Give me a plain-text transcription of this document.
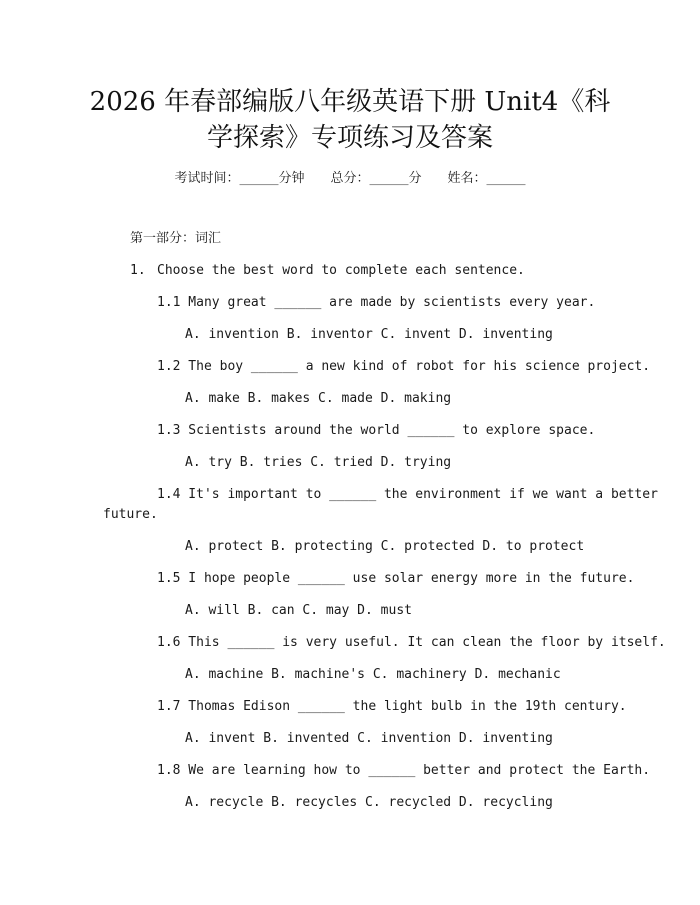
2026 年春部编版八年级英语下册 Unit4《科
学探索》专项练习及答案
考试时间：______分钟 总分：______分 姓名：______
第一部分：词汇
1. Choose the best word to complete each sentence.
1.1 Many great ______ are made by scientists every year.
A. invention B. inventor C. invent D. inventing
1.2 The boy ______ a new kind of robot for his science project.
A. make B. makes C. made D. making
1.3 Scientists around the world ______ to explore space.
A. try B. tries C. tried D. trying
1.4 It's important to ______ the environment if we want a better
future.
A. protect B. protecting C. protected D. to protect
1.5 I hope people ______ use solar energy more in the future.
A. will B. can C. may D. must
1.6 This ______ is very useful. It can clean the floor by itself.
A. machine B. machine's C. machinery D. mechanic
1.7 Thomas Edison ______ the light bulb in the 19th century.
A. invent B. invented C. invention D. inventing
1.8 We are learning how to ______ better and protect the Earth.
A. recycle B. recycles C. recycled D. recycling
